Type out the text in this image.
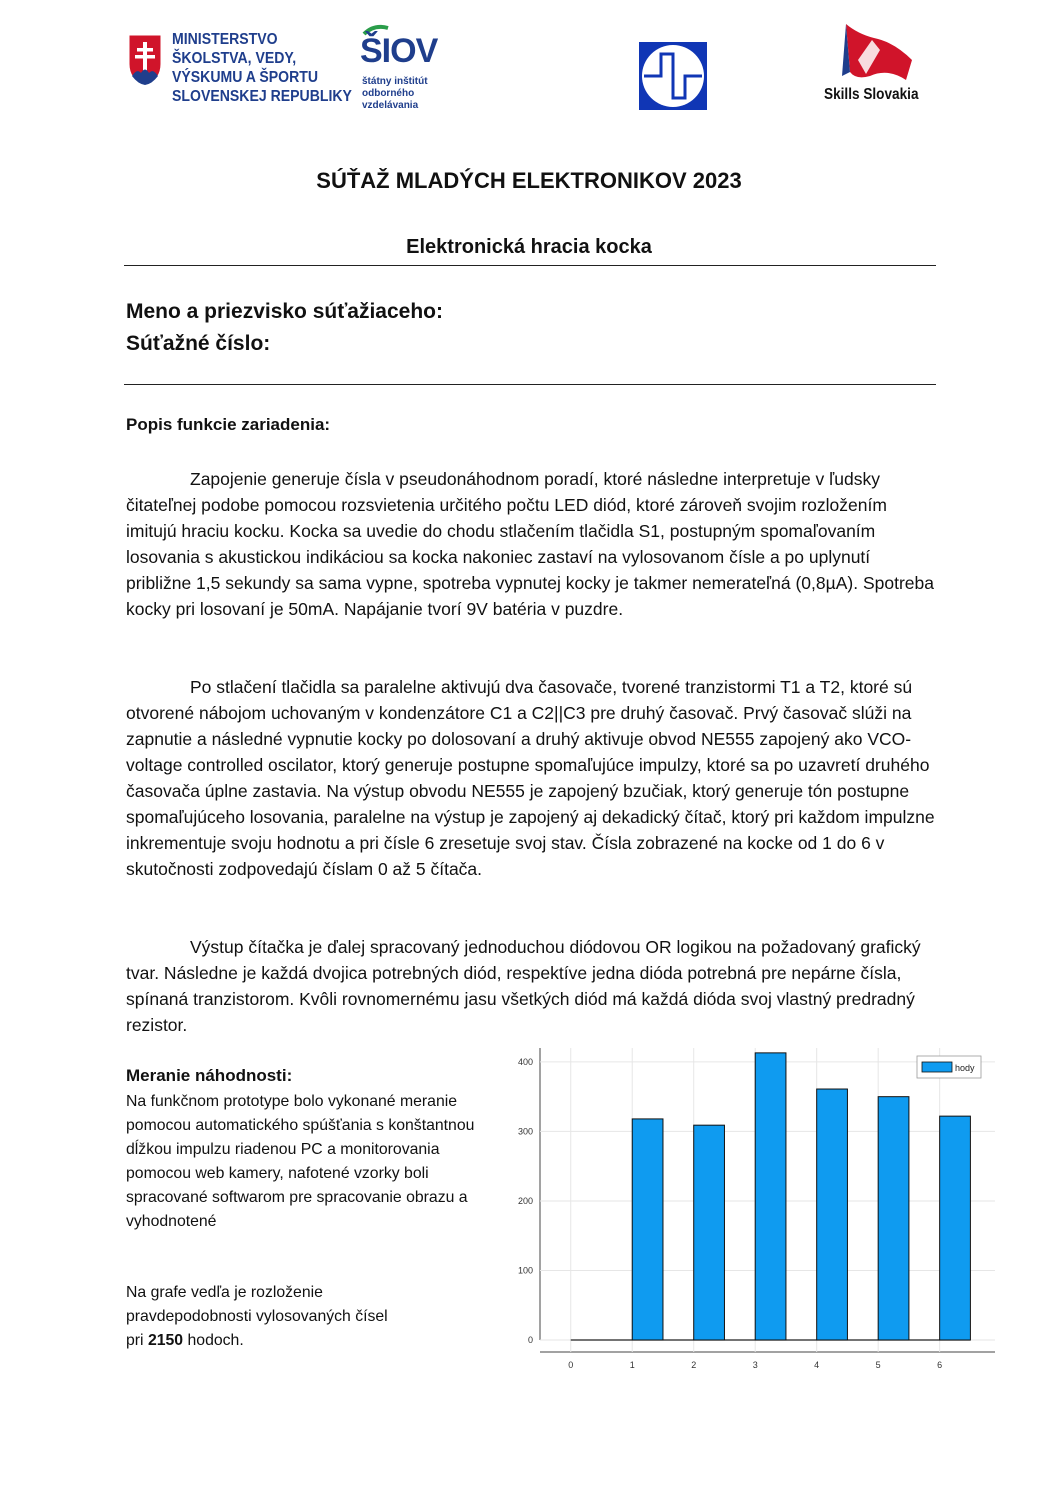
MINISTERSTVO
ŠKOLSTVA, VEDY,
VÝSKUMU A ŠPORTU
SLOVENSKEJ REPUBLIKY
ŠIOV
štátny inštitút
odborného
vzdelávania
Skills Slovakia
SÚŤAŽ MLADÝCH ELEKTRONIKOV 2023
Elektronická hracia kocka
Meno a priezvisko súťažiaceho:
Súťažné číslo:
Popis funkcie zariadenia:
Zapojenie generuje čísla v pseudonáhodnom poradí, ktoré následne interpretuje v ľudsky čitateľnej podobe pomocou rozsvietenia určitého počtu LED diód, ktoré zároveň svojim rozložením imitujú hraciu kocku. Kocka sa uvedie do chodu stlačením tlačidla S1, postupným spomaľovaním losovania s akustickou indikáciou sa kocka nakoniec zastaví na vylosovanom čísle a po uplynutí približne 1,5 sekundy sa sama vypne, spotreba vypnutej kocky je takmer nemerateľná (0,8µA). Spotreba kocky pri losovaní je 50mA. Napájanie tvorí 9V batéria v puzdre.
Po stlačení tlačidla sa paralelne aktivujú dva časovače, tvorené tranzistormi T1 a T2, ktoré sú otvorené nábojom uchovaným v kondenzátore C1 a C2||C3 pre druhý časovač. Prvý časovač slúži na zapnutie a následné vypnutie kocky po dolosovaní a druhý aktivuje obvod NE555 zapojený ako VCO- voltage controlled oscilator, ktorý generuje postupne spomaľujúce impulzy, ktoré sa po uzavretí druhého časovača úplne zastavia. Na výstup obvodu NE555 je zapojený bzučiak, ktorý generuje tón postupne spomaľujúceho losovania, paralelne na výstup je zapojený aj dekadický čítač, ktorý pri každom impulzne inkrementuje svoju hodnotu a pri čísle 6 zresetuje svoj stav. Čísla zobrazené na kocke od 1 do 6 v skutočnosti zodpovedajú číslam 0 až 5 čítača.
Výstup čítačka je ďalej spracovaný jednoduchou diódovou OR logikou na požadovaný grafický tvar. Následne je každá dvojica potrebných diód, respektíve jedna dióda potrebná pre nepárne čísla, spínaná tranzistorom. Kvôli rovnomernému jasu všetkých diód má každá dióda svoj vlastný predradný rezistor.
Meranie náhodnosti:
Na funkčnom prototype bolo vykonané meranie pomocou automatického spúšťania s konštantnou dĺžkou impulzu riadenou PC a monitorovania pomocou web kamery, nafotené vzorky boli spracované softwarom pre spracovanie obrazu a vyhodnotené
Na grafe vedľa je rozloženie pravdepodobnosti vylosovaných čísel pri 2150 hodoch.	0
100
200
300
400
0	1	2	3	4	5	6
hody
